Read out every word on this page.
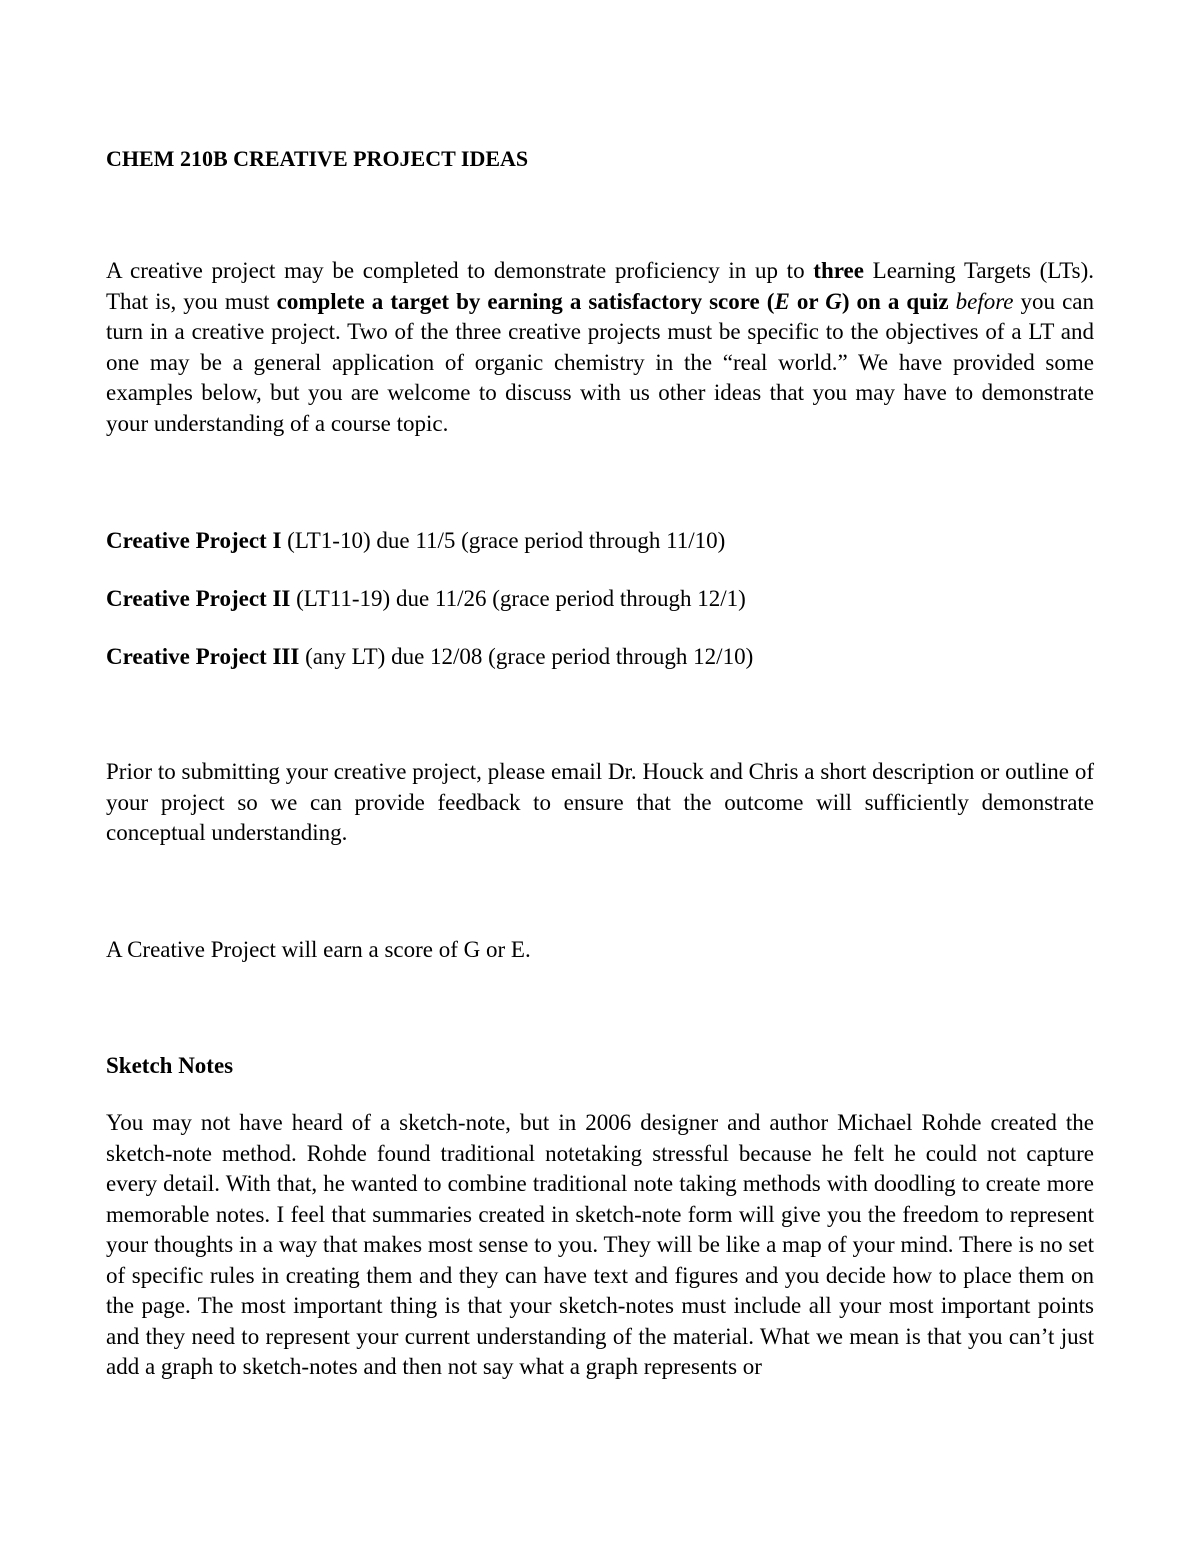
CHEM 210B CREATIVE PROJECT IDEAS

A creative project may be completed to demonstrate proficiency in up to three Learning Targets (LTs). That is, you must complete a target by earning a satisfactory score (E or G) on a quiz before you can turn in a creative project. Two of the three creative projects must be specific to the objectives of a LT and one may be a general application of organic chemistry in the “real world.” We have provided some examples below, but you are welcome to discuss with us other ideas that you may have to demonstrate your understanding of a course topic.

Creative Project I (LT1-10) due 11/5 (grace period through 11/10)

Creative Project II (LT11-19) due 11/26 (grace period through 12/1)

Creative Project III (any LT) due 12/08 (grace period through 12/10)

Prior to submitting your creative project, please email Dr. Houck and Chris a short description or outline of your project so we can provide feedback to ensure that the outcome will sufficiently demonstrate conceptual understanding.

A Creative Project will earn a score of G or E.

Sketch Notes

You may not have heard of a sketch-note, but in 2006 designer and author Michael Rohde created the sketch-note method. Rohde found traditional notetaking stressful because he felt he could not capture every detail. With that, he wanted to combine traditional note taking methods with doodling to create more memorable notes. I feel that summaries created in sketch-note form will give you the freedom to represent your thoughts in a way that makes most sense to you. They will be like a map of your mind. There is no set of specific rules in creating them and they can have text and figures and you decide how to place them on the page. The most important thing is that your sketch-notes must include all your most important points and they need to represent your current understanding of the material. What we mean is that you can’t just add a graph to sketch-notes and then not say what a graph represents or
